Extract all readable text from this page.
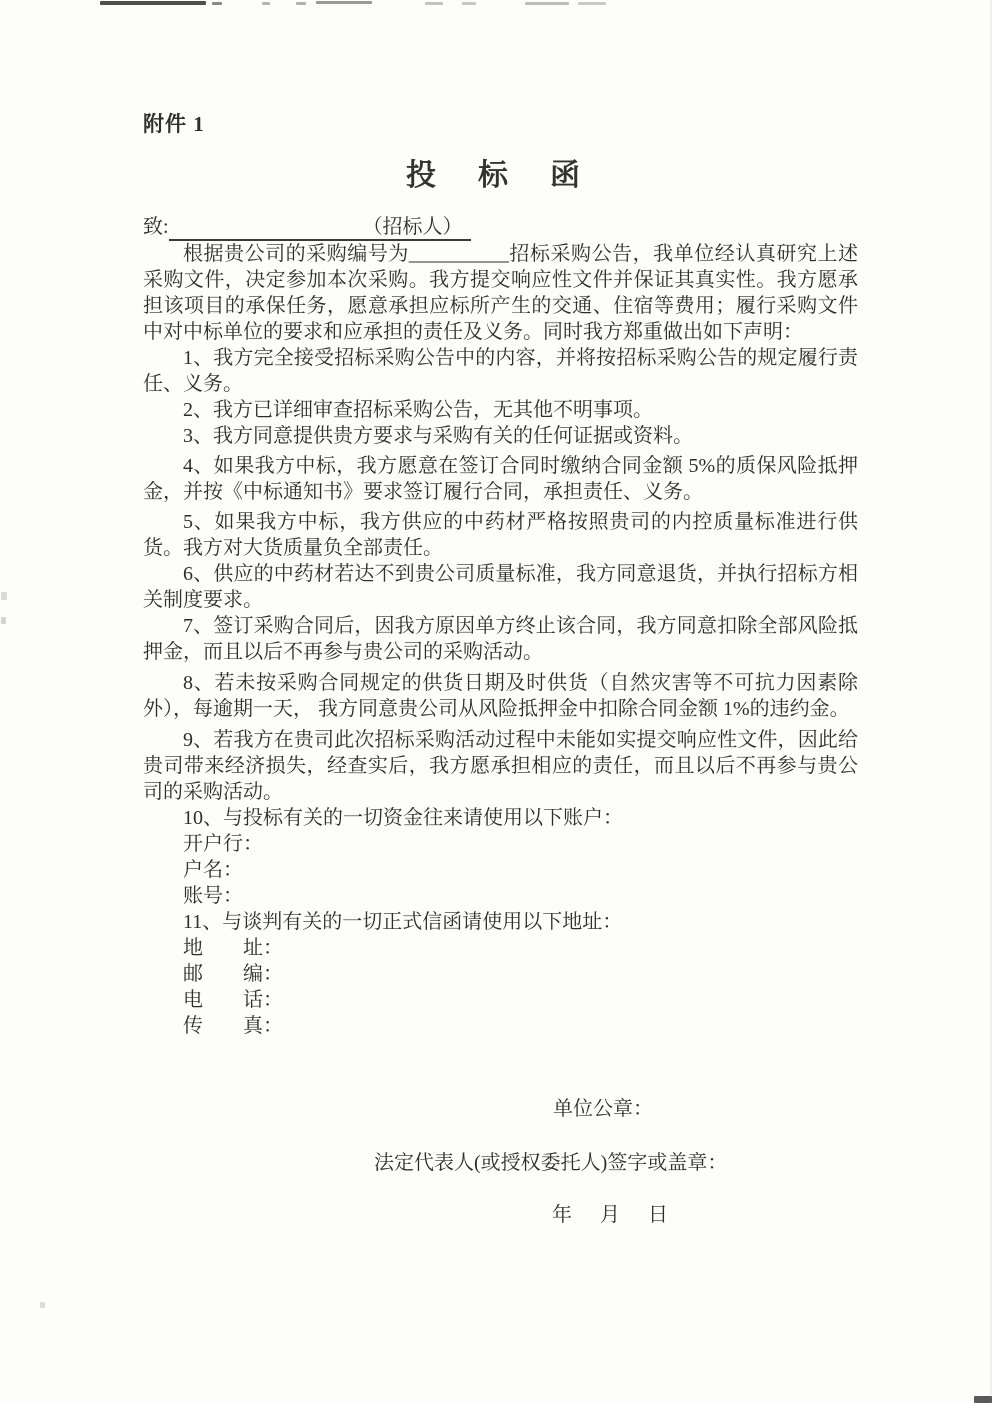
附件 1
投　标　函
致:	（招标人）

根据贵公司的采购编号为__________招标采购公告，我单位经认真研究上述采购文件，决定参加本次采购。我方提交响应性文件并保证其真实性。我方愿承担该项目的承保任务，愿意承担应标所产生的交通、住宿等费用；履行采购文件中对中标单位的要求和应承担的责任及义务。同时我方郑重做出如下声明：

1、我方完全接受招标采购公告中的内容，并将按招标采购公告的规定履行责任、义务。

2、我方已详细审查招标采购公告，无其他不明事项。

3、我方同意提供贵方要求与采购有关的任何证据或资料。

4、如果我方中标，我方愿意在签订合同时缴纳合同金额 5%的质保风险抵押金，并按《中标通知书》要求签订履行合同，承担责任、义务。

5、如果我方中标，我方供应的中药材严格按照贵司的内控质量标准进行供货。我方对大货质量负全部责任。

6、供应的中药材若达不到贵公司质量标准，我方同意退货，并执行招标方相关制度要求。

7、签订采购合同后，因我方原因单方终止该合同，我方同意扣除全部风险抵押金，而且以后不再参与贵公司的采购活动。

8、若未按采购合同规定的供货日期及时供货（自然灾害等不可抗力因素除外），每逾期一天， 我方同意贵公司从风险抵押金中扣除合同金额 1%的违约金。

9、若我方在贵司此次招标采购活动过程中未能如实提交响应性文件，因此给贵司带来经济损失，经查实后，我方愿承担相应的责任，而且以后不再参与贵公司的采购活动。

10、与投标有关的一切资金往来请使用以下账户：

开户行：

户名：

账号：

11、与谈判有关的一切正式信函请使用以下地址：

地　　址：

邮　　编：

电　　话：

传　　真：

单位公章：
法定代表人(或授权委托人)签字或盖章：
年　月　日
